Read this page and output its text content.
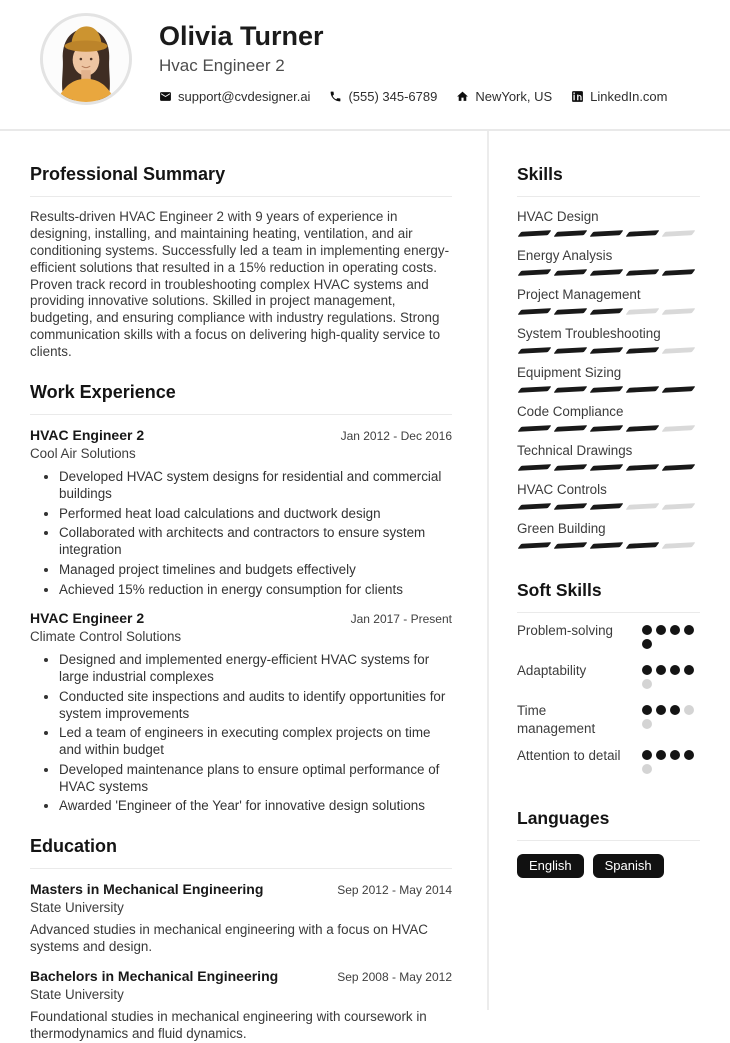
Olivia Turner
Hvac Engineer 2
support@cvdesigner.ai	(555) 345-6789	NewYork, US	LinkedIn.com
Professional Summary
Results-driven HVAC Engineer 2 with 9 years of experience in designing, installing, and maintaining heating, ventilation, and air conditioning systems. Successfully led a team in implementing energy-efficient solutions that resulted in a 15% reduction in operating costs. Proven track record in troubleshooting complex HVAC systems and providing innovative solutions. Skilled in project management, budgeting, and ensuring compliance with industry regulations. Strong communication skills with a focus on delivering high-quality service to clients.
Work Experience
HVAC Engineer 2	Jan 2012 - Dec 2016
Cool Air Solutions
• Developed HVAC system designs for residential and commercial buildings
• Performed heat load calculations and ductwork design
• Collaborated with architects and contractors to ensure system integration
• Managed project timelines and budgets effectively
• Achieved 15% reduction in energy consumption for clients
HVAC Engineer 2	Jan 2017 - Present
Climate Control Solutions
• Designed and implemented energy-efficient HVAC systems for large industrial complexes
• Conducted site inspections and audits to identify opportunities for system improvements
• Led a team of engineers in executing complex projects on time and within budget
• Developed maintenance plans to ensure optimal performance of HVAC systems
• Awarded 'Engineer of the Year' for innovative design solutions
Education
Masters in Mechanical Engineering	Sep 2012 - May 2014
State University
Advanced studies in mechanical engineering with a focus on HVAC systems and design.
Bachelors in Mechanical Engineering	Sep 2008 - May 2012
State University
Foundational studies in mechanical engineering with coursework in thermodynamics and fluid dynamics.
Skills
HVAC Design
Energy Analysis
Project Management
System Troubleshooting
Equipment Sizing
Code Compliance
Technical Drawings
HVAC Controls
Green Building
Soft Skills
Problem-solving
Adaptability
Time management
Attention to detail
Languages
English	Spanish
